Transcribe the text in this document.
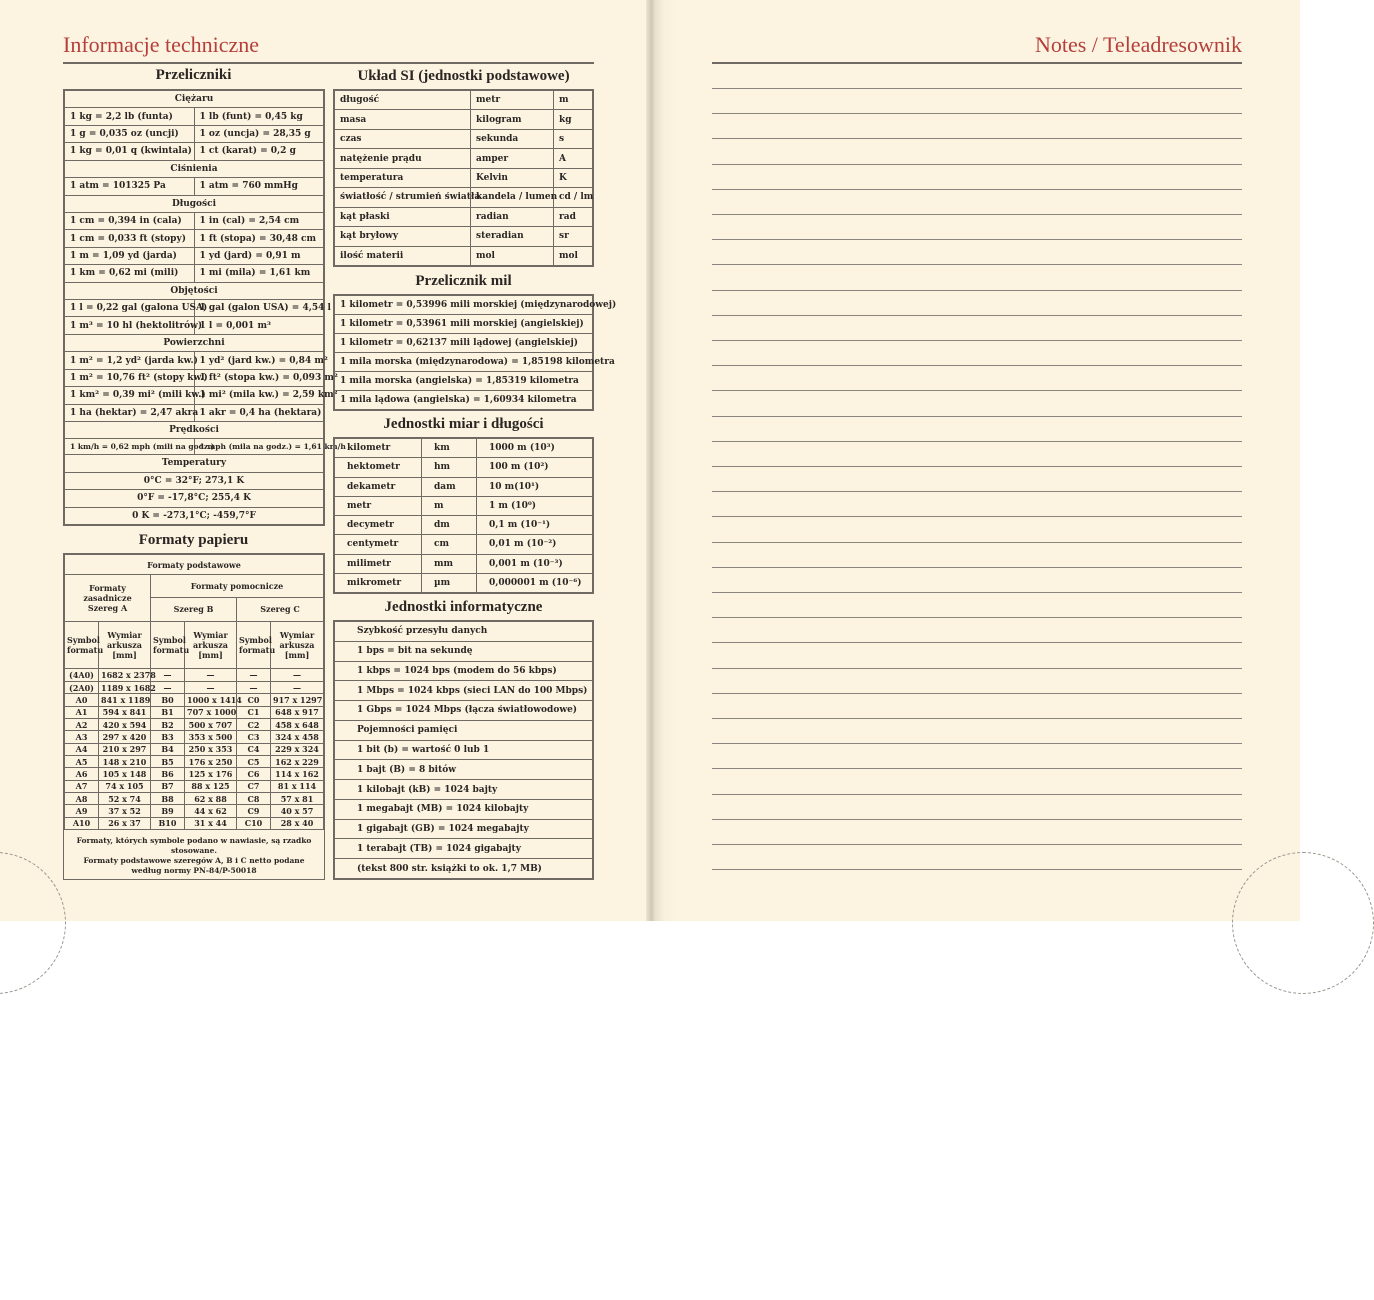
Informacje techniczne
Przeliczniki
Ciężaru	
1 kg = 2,2 lb (funta)	1 lb (funt) = 0,45 kg
1 g = 0,035 oz (uncji)	1 oz (uncja) = 28,35 g
1 kg = 0,01 q (kwintala)	1 ct (karat) = 0,2 g
Ciśnienia	
1 atm = 101325 Pa	1 atm = 760 mmHg
Długości	
1 cm = 0,394 in (cala)	1 in (cal) = 2,54 cm
1 cm = 0,033 ft (stopy)	1 ft (stopa) = 30,48 cm
1 m = 1,09 yd (jarda)	1 yd (jard) = 0,91 m
1 km = 0,62 mi (mili)	1 mi (mila) = 1,61 km
Objętości	
1 l = 0,22 gal (galona USA)	1 gal (galon USA) = 4,54 l
1 m³ = 10 hl (hektolitrów)	1 l = 0,001 m³
Powierzchni	
1 m² = 1,2 yd² (jarda kw.)	1 yd² (jard kw.) = 0,84 m²
1 m² = 10,76 ft² (stopy kw.)	1 ft² (stopa kw.) = 0,093 m²
1 km² = 0,39 mi² (mili kw.)	1 mi² (mila kw.) = 2,59 km²
1 ha (hektar) = 2,47 akra	1 akr = 0,4 ha (hektara)
Prędkości	
1 km/h = 0,62 mph (mili na godz.)	1 mph (mila na godz.) = 1,61 km/h
Temperatury	
0°C = 32°F; 273,1 K	
0°F = -17,8°C; 255,4 K	
0 K = -273,1°C; -459,7°F	
Formaty papieru
Formaty podstawowe					
Formaty zasadnicze Szereg A		Formaty pomocnicze			
		Szereg B		Szereg C	
Symbol formatu	Wymiar arkusza [mm]	Symbol formatu	Wymiar arkusza [mm]	Symbol formatu	Wymiar arkusza [mm]
(4A0)	1682 x 2378	—	—	—	—
(2A0)	1189 x 1682	—	—	—	—
A0	841 x 1189	B0	1000 x 1414	C0	917 x 1297
A1	594 x 841	B1	707 x 1000	C1	648 x 917
A2	420 x 594	B2	500 x 707	C2	458 x 648
A3	297 x 420	B3	353 x 500	C3	324 x 458
A4	210 x 297	B4	250 x 353	C4	229 x 324
A5	148 x 210	B5	176 x 250	C5	162 x 229
A6	105 x 148	B6	125 x 176	C6	114 x 162
A7	74 x 105	B7	88 x 125	C7	81 x 114
A8	52 x 74	B8	62 x 88	C8	57 x 81
A9	37 x 52	B9	44 x 62	C9	40 x 57
A10	26 x 37	B10	31 x 44	C10	28 x 40
Formaty, których symbole podano w nawiasie, są rzadko stosowane.
Formaty podstawowe szeregów A, B i C netto podane
według normy PN-84/P-50018
Układ SI (jednostki podstawowe)
długość	metr	m
masa	kilogram	kg
czas	sekunda	s
natężenie prądu	amper	A
temperatura	Kelvin	K
światłość / strumień światła	kandela / lumen	cd / lm
kąt płaski	radian	rad
kąt bryłowy	steradian	sr
ilość materii	mol	mol
Przelicznik mil
1 kilometr = 0,53996 mili morskiej (międzynarodowej)
1 kilometr = 0,53961 mili morskiej (angielskiej)
1 kilometr = 0,62137 mili lądowej (angielskiej)
1 mila morska (międzynarodowa) = 1,85198 kilometra
1 mila morska (angielska) = 1,85319 kilometra
1 mila lądowa (angielska) = 1,60934 kilometra
Jednostki miar i długości
kilometr	km	1000 m (10³)
hektometr	hm	100 m (10²)
dekametr	dam	10 m(10¹)
metr	m	1 m (10⁰)
decymetr	dm	0,1 m (10⁻¹)
centymetr	cm	0,01 m (10⁻²)
milimetr	mm	0,001 m (10⁻³)
mikrometr	µm	0,000001 m (10⁻⁶)
Jednostki informatyczne
Szybkość przesyłu danych
1 bps = bit na sekundę
1 kbps = 1024 bps (modem do 56 kbps)
1 Mbps = 1024 kbps (sieci LAN do 100 Mbps)
1 Gbps = 1024 Mbps (łącza światłowodowe)
Pojemności pamięci
1 bit (b) = wartość 0 lub 1
1 bajt (B) = 8 bitów
1 kilobajt (kB) = 1024 bajty
1 megabajt (MB) = 1024 kilobajty
1 gigabajt (GB) = 1024 megabajty
1 terabajt (TB) = 1024 gigabajty
(tekst 800 str. książki to ok. 1,7 MB)
Notes / Teleadresownik
